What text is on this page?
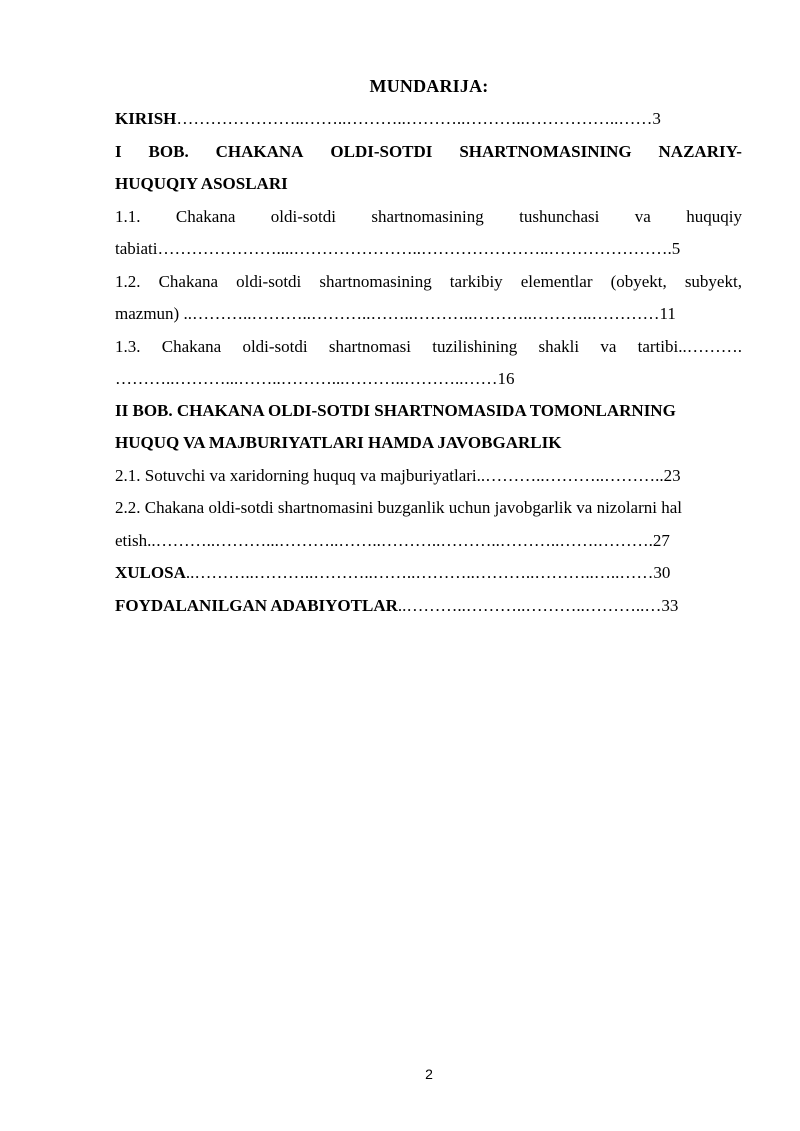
MUNDARIJA:
KIRISH…………………..……..………..………..………..……………..……3
I BOB. CHAKANA OLDI-SOTDI SHARTNOMASINING NAZARIY-
HUQUQIY ASOSLARI
1.1. Chakana oldi-sotdi shartnomasining tushunchasi va huquqiy
tabiati…………………....…………………..…………………..………………….5
1.2. Chakana oldi-sotdi shartnomasining tarkibiy elementlar (obyekt, subyekt,
mazmun) ..………..………..………..……..………..………..………..…………11
1.3. Chakana oldi-sotdi shartnomasi tuzilishining shakli va tartibi..……….
………..………...……..………...………..………..……16
II BOB. CHAKANA OLDI-SOTDI SHARTNOMASIDA TOMONLARNING
HUQUQ VA MAJBURIYATLARI HAMDA JAVOBGARLIK
2.1. Sotuvchi va xaridorning huquq va majburiyatlari..………..………..………..23
2.2. Chakana oldi-sotdi shartnomasini buzganlik uchun javobgarlik va nizolarni hal
etish..………..………...………..……..………..………..………..…….……….27
XULOSA..………..………..………..……..………..………..………..…..……30
FOYDALANILGAN ADABIYOTLAR..………..………..………..………..…33
2
